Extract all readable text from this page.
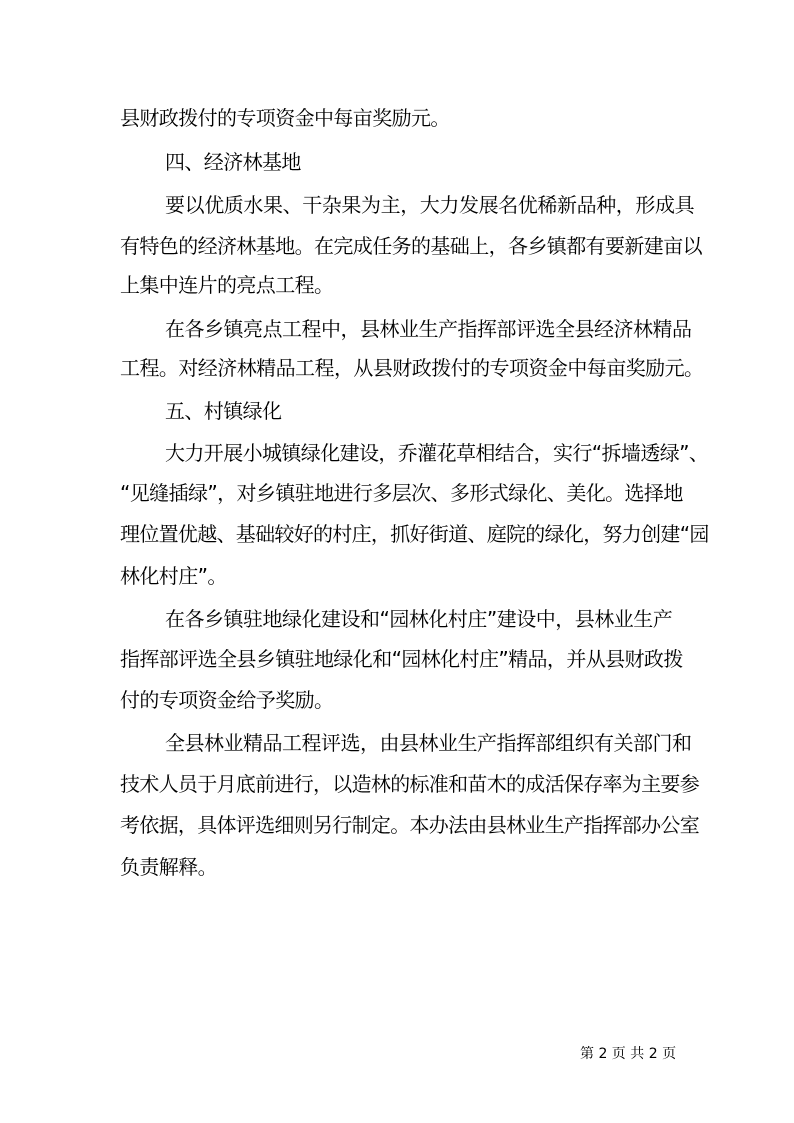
县财政拨付的专项资金中每亩奖励元。
四、经济林基地
要以优质水果、干杂果为主，大力发展名优稀新品种，形成具
有特色的经济林基地。在完成任务的基础上，各乡镇都有要新建亩以
上集中连片的亮点工程。
在各乡镇亮点工程中，县林业生产指挥部评选全县经济林精品
工程。对经济林精品工程，从县财政拨付的专项资金中每亩奖励元。
五、村镇绿化
大力开展小城镇绿化建设，乔灌花草相结合，实行“拆墙透绿”、
“见缝插绿”，对乡镇驻地进行多层次、多形式绿化、美化。选择地
理位置优越、基础较好的村庄，抓好街道、庭院的绿化，努力创建“园
林化村庄”。
在各乡镇驻地绿化建设和“园林化村庄”建设中，县林业生产
指挥部评选全县乡镇驻地绿化和“园林化村庄”精品，并从县财政拨
付的专项资金给予奖励。
全县林业精品工程评选，由县林业生产指挥部组织有关部门和
技术人员于月底前进行，以造林的标准和苗木的成活保存率为主要参
考依据，具体评选细则另行制定。本办法由县林业生产指挥部办公室
负责解释。
第 2 页 共 2 页
